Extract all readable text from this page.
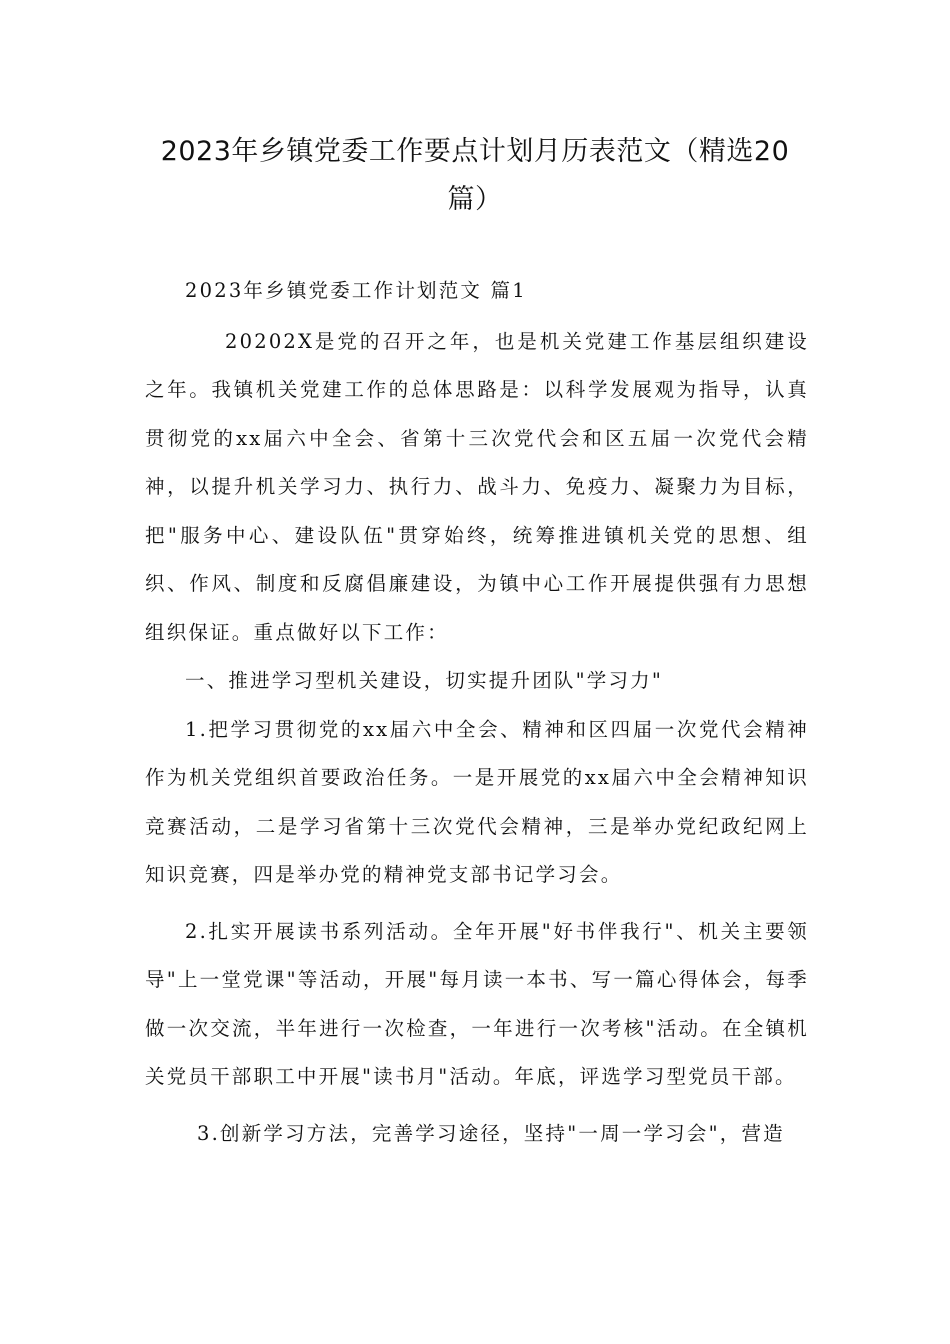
2023年乡镇党委工作要点计划月历表范文（精选20篇）

2023年乡镇党委工作计划范文 篇1

20202X是党的召开之年，也是机关党建工作基层组织建设之年。我镇机关党建工作的总体思路是：以科学发展观为指导，认真贯彻党的xx届六中全会、省第十三次党代会和区五届一次党代会精神，以提升机关学习力、执行力、战斗力、免疫力、凝聚力为目标，把"服务中心、建设队伍"贯穿始终，统筹推进镇机关党的思想、组织、作风、制度和反腐倡廉建设，为镇中心工作开展提供强有力思想组织保证。重点做好以下工作：

一、推进学习型机关建设，切实提升团队"学习力"

1.把学习贯彻党的xx届六中全会、精神和区四届一次党代会精神作为机关党组织首要政治任务。一是开展党的xx届六中全会精神知识竞赛活动，二是学习省第十三次党代会精神，三是举办党纪政纪网上知识竞赛，四是举办党的精神党支部书记学习会。

2.扎实开展读书系列活动。全年开展"好书伴我行"、机关主要领导"上一堂党课"等活动，开展"每月读一本书、写一篇心得体会，每季做一次交流，半年进行一次检查，一年进行一次考核"活动。在全镇机关党员干部职工中开展"读书月"活动。年底，评选学习型党员干部。

3.创新学习方法，完善学习途径，坚持"一周一学习会"，营造
